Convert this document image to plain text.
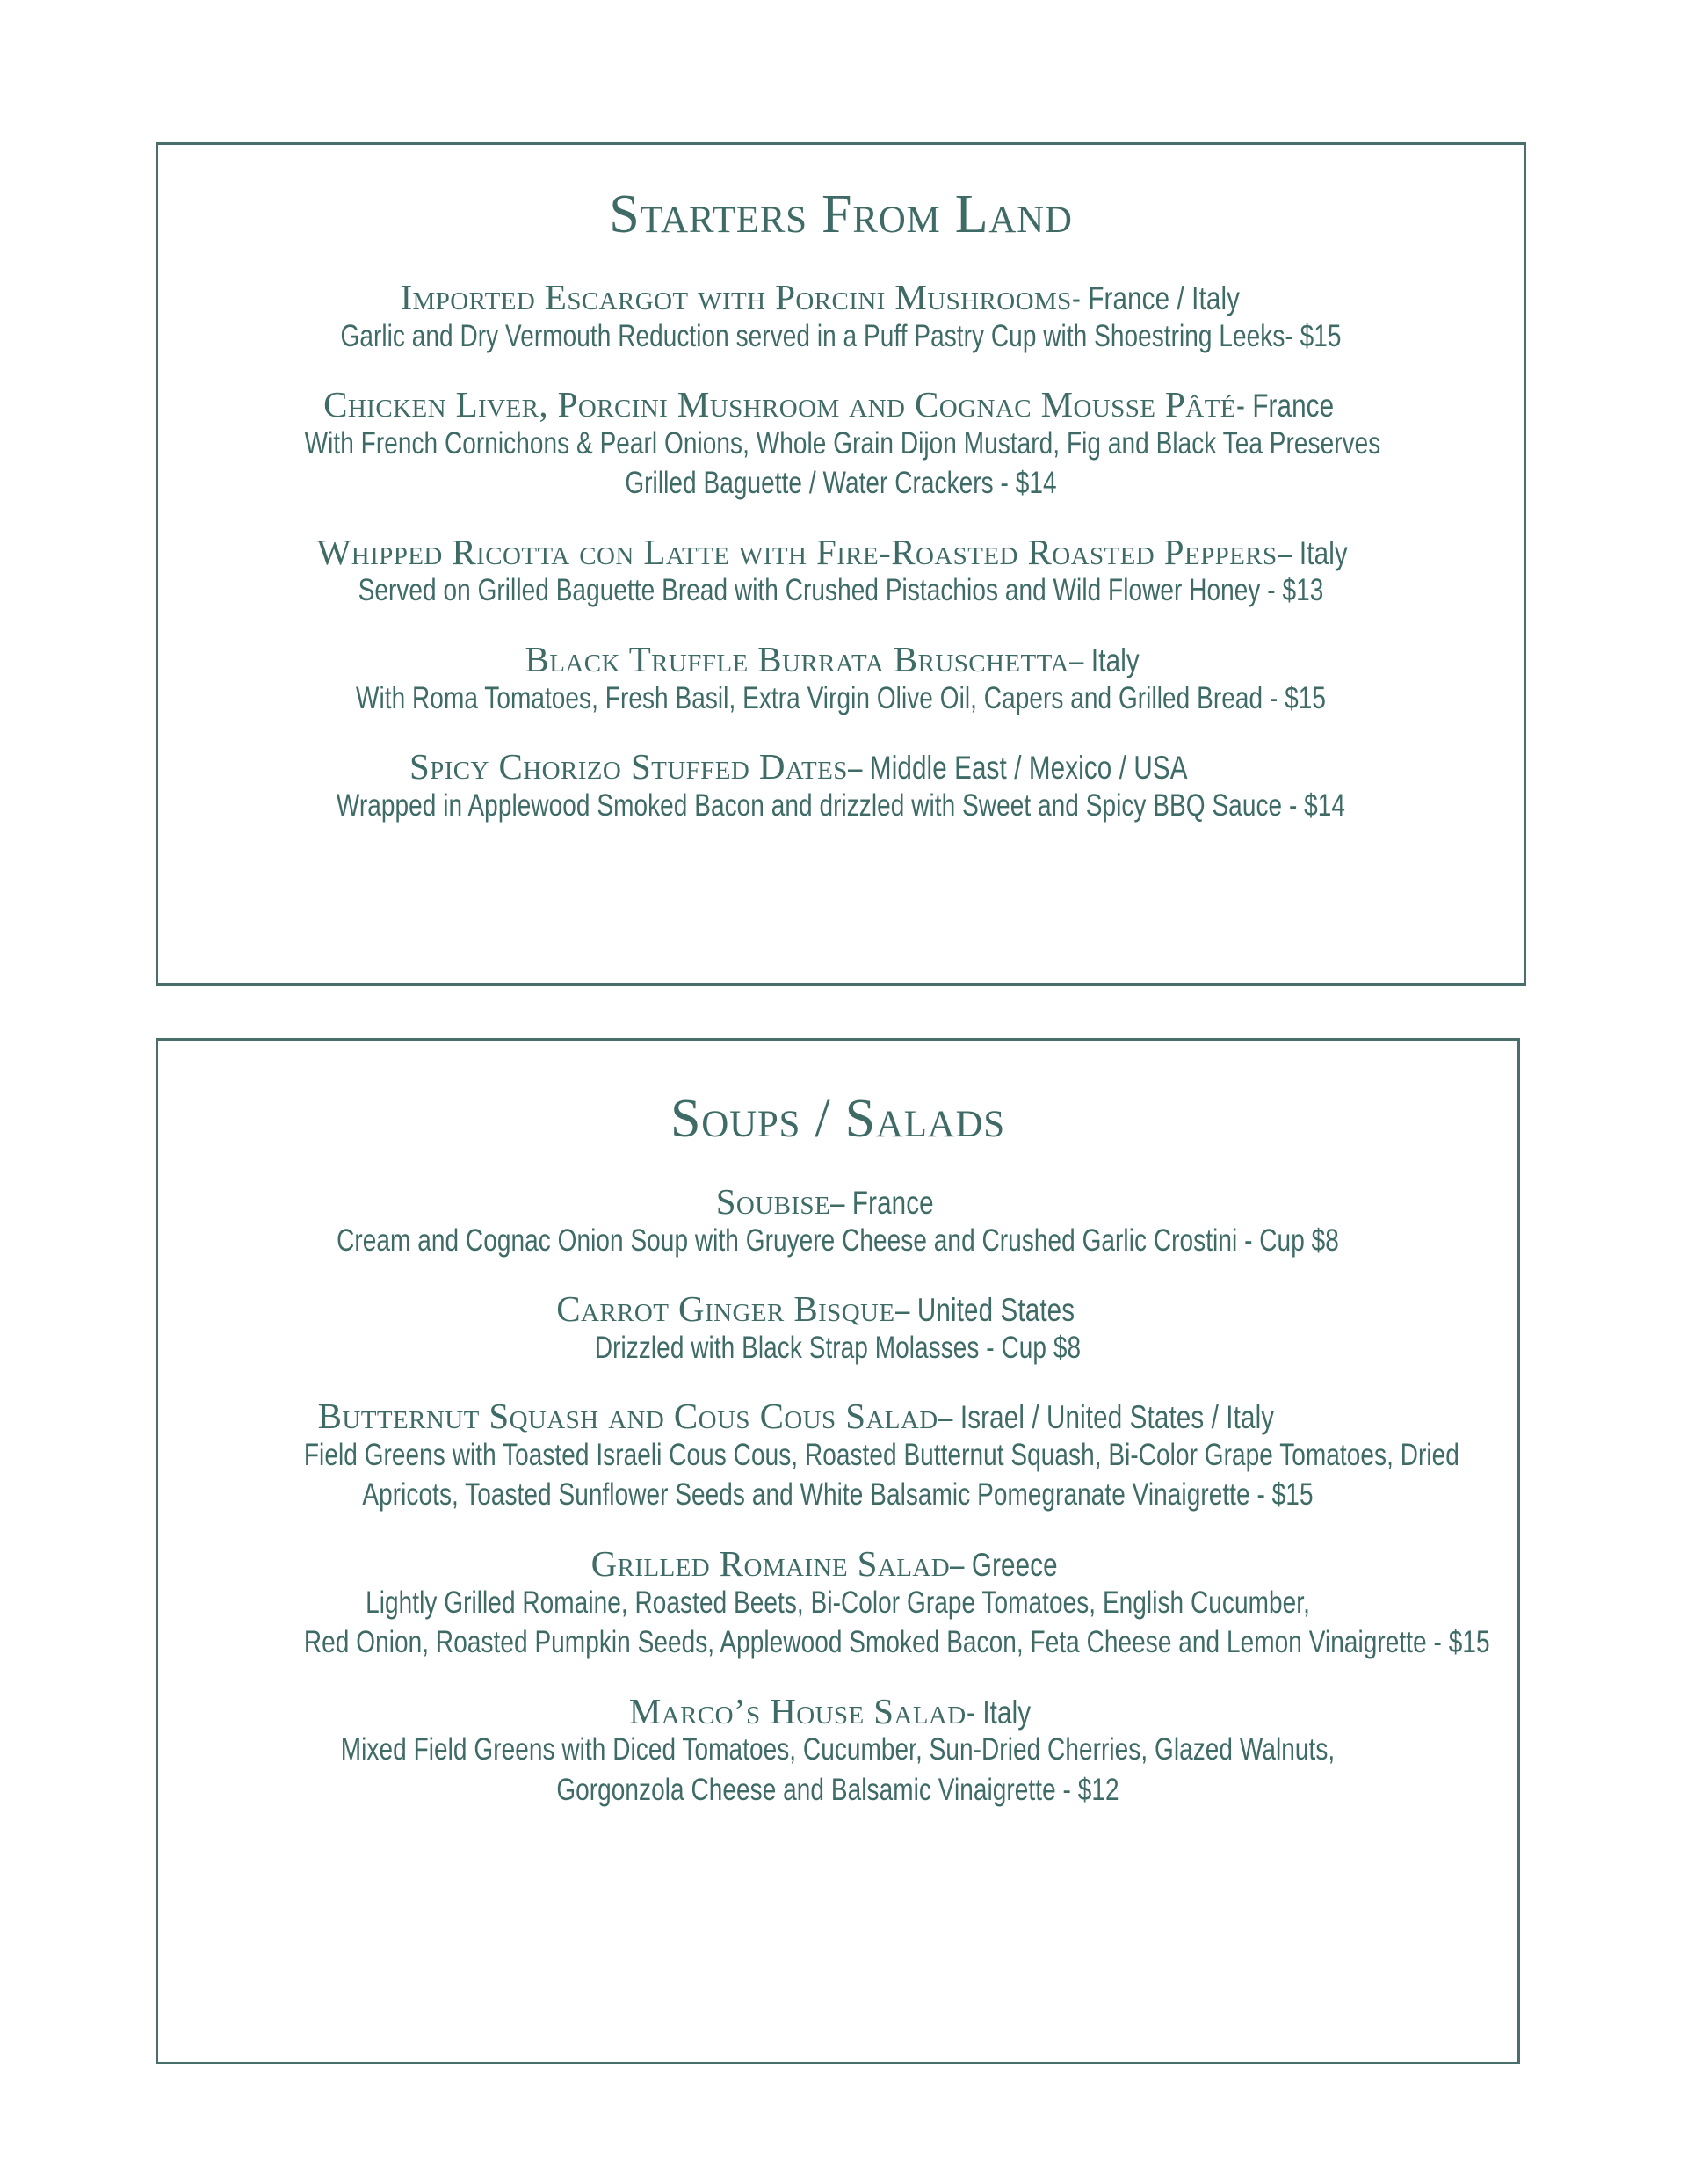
Starters From Land
Imported Escargot with Porcini Mushrooms- France / Italy
Garlic and Dry Vermouth Reduction served in a Puff Pastry Cup with Shoestring Leeks- $15
Chicken Liver, Porcini Mushroom and Cognac Mousse Pâté- France
With French Cornichons & Pearl Onions, Whole Grain Dijon Mustard, Fig and Black Tea Preserves
Grilled Baguette / Water Crackers - $14
Whipped Ricotta con Latte with Fire-Roasted Roasted Peppers– Italy
Served on Grilled Baguette Bread with Crushed Pistachios and Wild Flower Honey - $13
Black Truffle Burrata Bruschetta– Italy
With Roma Tomatoes, Fresh Basil, Extra Virgin Olive Oil, Capers and Grilled Bread - $15
Spicy Chorizo Stuffed Dates– Middle East / Mexico / USA
Wrapped in Applewood Smoked Bacon and drizzled with Sweet and Spicy BBQ Sauce - $14
Soups / Salads
Soubise– France
Cream and Cognac Onion Soup with Gruyere Cheese and Crushed Garlic Crostini - Cup $8
Carrot Ginger Bisque– United States
Drizzled with Black Strap Molasses - Cup $8
Butternut Squash and Cous Cous Salad– Israel / United States / Italy
Field Greens with Toasted Israeli Cous Cous, Roasted Butternut Squash, Bi-Color Grape Tomatoes, Dried
Apricots, Toasted Sunflower Seeds and White Balsamic Pomegranate Vinaigrette - $15
Grilled Romaine Salad– Greece
Lightly Grilled Romaine, Roasted Beets, Bi-Color Grape Tomatoes, English Cucumber,
Red Onion, Roasted Pumpkin Seeds, Applewood Smoked Bacon, Feta Cheese and Lemon Vinaigrette - $15
Marco’s House Salad- Italy
Mixed Field Greens with Diced Tomatoes, Cucumber, Sun-Dried Cherries, Glazed Walnuts,
Gorgonzola Cheese and Balsamic Vinaigrette - $12
